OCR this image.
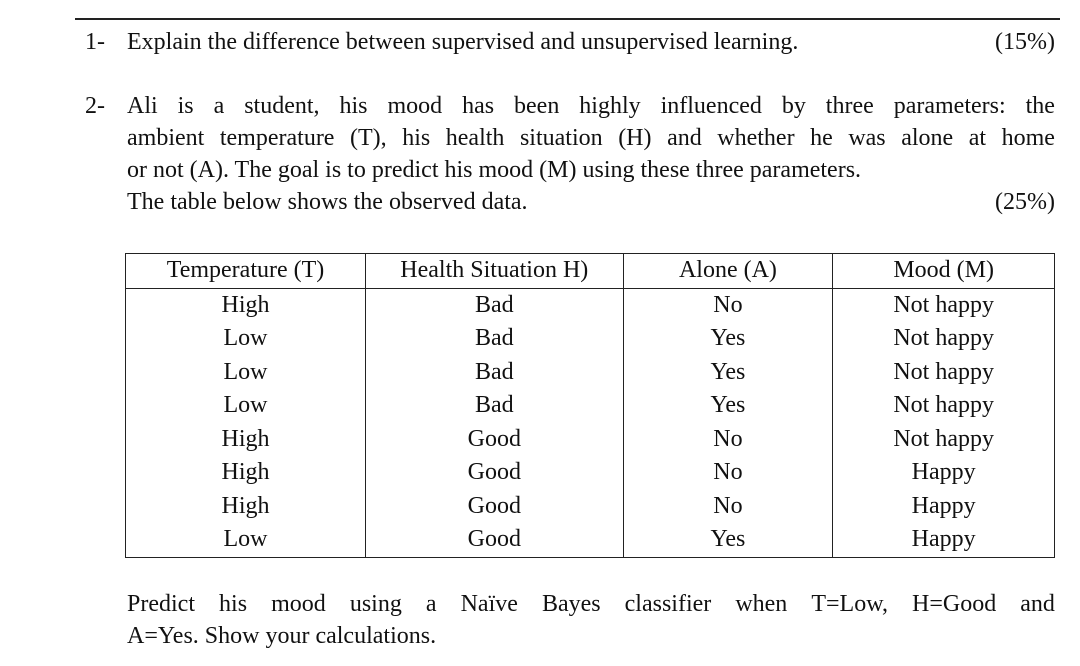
1- Explain the difference between supervised and unsupervised learning.	(15%)
2- Ali is a student, his mood has been highly influenced by three parameters: the
ambient temperature (T), his health situation (H) and whether he was alone at home
or not (A). The goal is to predict his mood (M) using these three parameters.
The table below shows the observed data.	(25%)
Temperature (T)	Health Situation H)	Alone (A)	Mood (M)
High	Bad	No	Not happy
Low	Bad	Yes	Not happy
Low	Bad	Yes	Not happy
Low	Bad	Yes	Not happy
High	Good	No	Not happy
High	Good	No	Happy
High	Good	No	Happy
Low	Good	Yes	Happy
Predict his mood using a Naïve Bayes classifier when T=Low, H=Good and
A=Yes. Show your calculations.
